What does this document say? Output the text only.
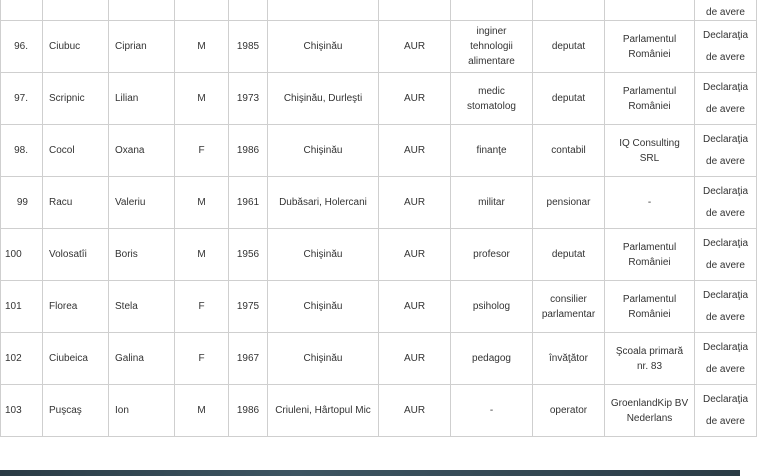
										de avere
96.	Ciubuc	Ciprian	M	1985	Chişinău	AUR	inginer tehnologii alimentare	deputat	Parlamentul României	Declaraţia de avere
97.	Scripnic	Lilian	M	1973	Chişinău, Durleşti	AUR	medic stomatolog	deputat	Parlamentul României	Declaraţia de avere
98.	Cocol	Oxana	F	1986	Chişinău	AUR	finanţe	contabil	IQ Consulting SRL	Declaraţia de avere
99	Racu	Valeriu	M	1961	Dubăsari, Holercani	AUR	militar	pensionar	-	Declaraţia de avere
100	Volosatîi	Boris	M	1956	Chişinău	AUR	profesor	deputat	Parlamentul României	Declaraţia de avere
101	Florea	Stela	F	1975	Chişinău	AUR	psiholog	consilier parlamentar	Parlamentul României	Declaraţia de avere
102	Ciubeica	Galina	F	1967	Chişinău	AUR	pedagog	învăţător	Şcoala primară nr. 83	Declaraţia de avere
103	Puşcaş	Ion	M	1986	Criuleni, Hârtopul Mic	AUR	-	operator	GroenlandKip BV Nederlans	Declaraţia de avere
